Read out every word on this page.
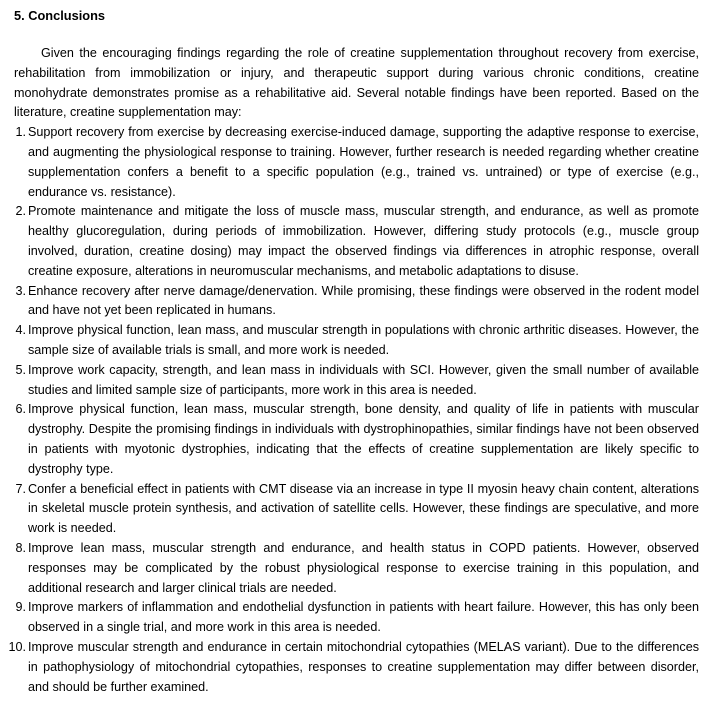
5. Conclusions

Given the encouraging findings regarding the role of creatine supplementation throughout recovery from exercise, rehabilitation from immobilization or injury, and therapeutic support during various chronic conditions, creatine monohydrate demonstrates promise as a rehabilitative aid. Several notable findings have been reported. Based on the literature, creatine supplementation may:

1. Support recovery from exercise by decreasing exercise-induced damage, supporting the adaptive response to exercise, and augmenting the physiological response to training. However, further research is needed regarding whether creatine supplementation confers a benefit to a specific population (e.g., trained vs. untrained) or type of exercise (e.g., endurance vs. resistance).
2. Promote maintenance and mitigate the loss of muscle mass, muscular strength, and endurance, as well as promote healthy glucoregulation, during periods of immobilization. However, differing study protocols (e.g., muscle group involved, duration, creatine dosing) may impact the observed findings via differences in atrophic response, overall creatine exposure, alterations in neuromuscular mechanisms, and metabolic adaptations to disuse.
3. Enhance recovery after nerve damage/denervation. While promising, these findings were observed in the rodent model and have not yet been replicated in humans.
4. Improve physical function, lean mass, and muscular strength in populations with chronic arthritic diseases. However, the sample size of available trials is small, and more work is needed.
5. Improve work capacity, strength, and lean mass in individuals with SCI. However, given the small number of available studies and limited sample size of participants, more work in this area is needed.
6. Improve physical function, lean mass, muscular strength, bone density, and quality of life in patients with muscular dystrophy. Despite the promising findings in individuals with dystrophinopathies, similar findings have not been observed in patients with myotonic dystrophies, indicating that the effects of creatine supplementation are likely specific to dystrophy type.
7. Confer a beneficial effect in patients with CMT disease via an increase in type II myosin heavy chain content, alterations in skeletal muscle protein synthesis, and activation of satellite cells. However, these findings are speculative, and more work is needed.
8. Improve lean mass, muscular strength and endurance, and health status in COPD patients. However, observed responses may be complicated by the robust physiological response to exercise training in this population, and additional research and larger clinical trials are needed.
9. Improve markers of inflammation and endothelial dysfunction in patients with heart failure. However, this has only been observed in a single trial, and more work in this area is needed.
10. Improve muscular strength and endurance in certain mitochondrial cytopathies (MELAS variant). Due to the differences in pathophysiology of mitochondrial cytopathies, responses to creatine supplementation may differ between disorder, and should be further examined.
